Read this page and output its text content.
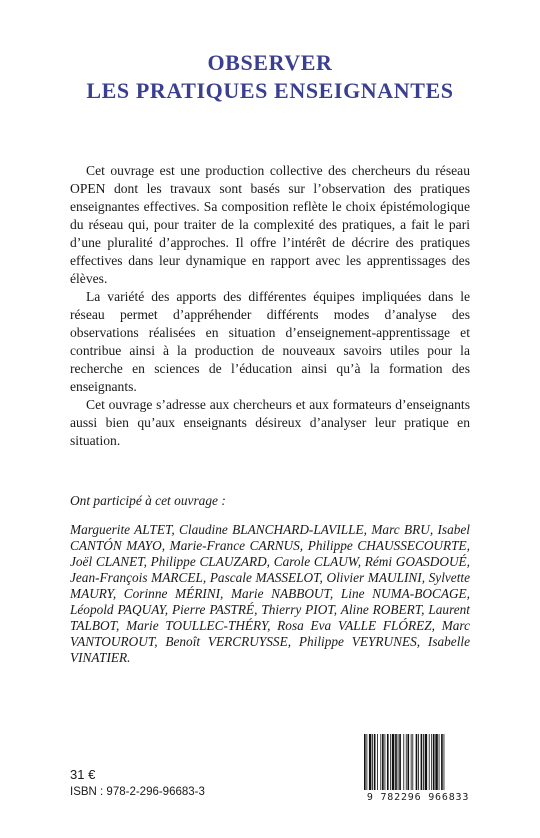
OBSERVER
LES PRATIQUES ENSEIGNANTES

Cet ouvrage est une production collective des chercheurs du réseau OPEN dont les travaux sont basés sur l’observation des pratiques enseignantes effectives. Sa composition reflète le choix épistémologique du réseau qui, pour traiter de la complexité des pratiques, a fait le pari d’une pluralité d’approches. Il offre l’intérêt de décrire des pratiques effectives dans leur dynamique en rapport avec les apprentissages des élèves.

La variété des apports des différentes équipes impliquées dans le réseau permet d’appréhender différents modes d’analyse des observations réalisées en situation d’enseignement-apprentissage et contribue ainsi à la production de nouveaux savoirs utiles pour la recherche en sciences de l’éducation ainsi qu’à la formation des enseignants.

Cet ouvrage s’adresse aux chercheurs et aux formateurs d’enseignants aussi bien qu’aux enseignants désireux d’analyser leur pratique en situation.

Ont participé à cet ouvrage :
Marguerite ALTET, Claudine BLANCHARD-LAVILLE, Marc BRU, Isabel CANTÓN MAYO, Marie-France CARNUS, Philippe CHAUSSECOURTE, Joël CLANET, Philippe CLAUZARD, Carole CLAUW, Rémi GOASDOUÉ, Jean-François MARCEL, Pascale MASSELOT, Olivier MAULINI, Sylvette MAURY, Corinne MÉRINI, Marie NABBOUT, Line NUMA-BOCAGE, Léopold PAQUAY, Pierre PASTRÉ, Thierry PIOT, Aline ROBERT, Laurent TALBOT, Marie TOULLEC-THÉRY, Rosa Eva VALLE FLÓREZ, Marc VANTOUROUT, Benoît VERCRUYSSE, Philippe VEYRUNES, Isabelle VINATIER.
31 €
ISBN : 978-2-296-96683-3	9 782296 966833
